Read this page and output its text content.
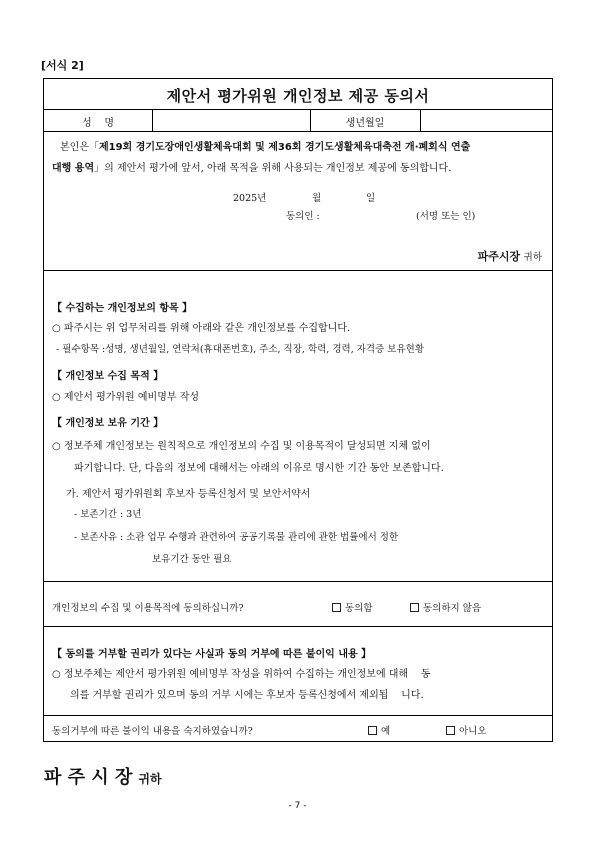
[서식 2]
제안서 평가위원 개인정보 제공 동의서
성    명	생년월일
본인은「제19회 경기도장애인생활체육대회 및 제36회 경기도생활체육대축전 개·폐회식 연출
대행 용역」의 제안서 평가에 앞서, 아래 목적을 위해 사용되는 개인정보 제공에 동의합니다.
2025년	월	일
동의인 :	(서명 또는 인)
파주시장 귀하
【 수집하는 개인정보의 항목 】
○ 파주시는 위 업무처리를 위해 아래와 같은 개인정보를 수집합니다.
- 필수항목 :성명, 생년월일, 연락처(휴대폰번호), 주소, 직장, 학력, 경력, 자격증 보유현황
【 개인정보 수집 목적 】
○ 제안서 평가위원 예비명부 작성
【 개인정보 보유 기간 】
○ 정보주체 개인정보는 원칙적으로 개인정보의 수집 및 이용목적이 달성되면 지체 없이
파기합니다. 단, 다음의 정보에 대해서는 아래의 이유로 명시한 기간 동안 보존합니다.
가. 제안서 평가위원회 후보자 등록신청서 및 보안서약서
- 보존기간 : 3년
- 보존사유 : 소관 업무 수행과 관련하여 공공기록물 관리에 관한 법률에서 정한
보유기간 동안 필요
개인정보의 수집 및 이용목적에 동의하십니까?	동의함	동의하지 않음
【 동의를 거부할 권리가 있다는 사실과 동의 거부에 따른 불이익 내용 】
○ 정보주체는 제안서 평가위원 예비명부 작성을 위하여 수집하는 개인정보에 대해    동
의를 거부할 권리가 있으며 동의 거부 시에는 후보자 등록신청에서 제외됩    니다.
동의거부에 따른 불이익 내용을 숙지하였습니까?	예	아니오
파 주 시 장 귀하
- 7 -
